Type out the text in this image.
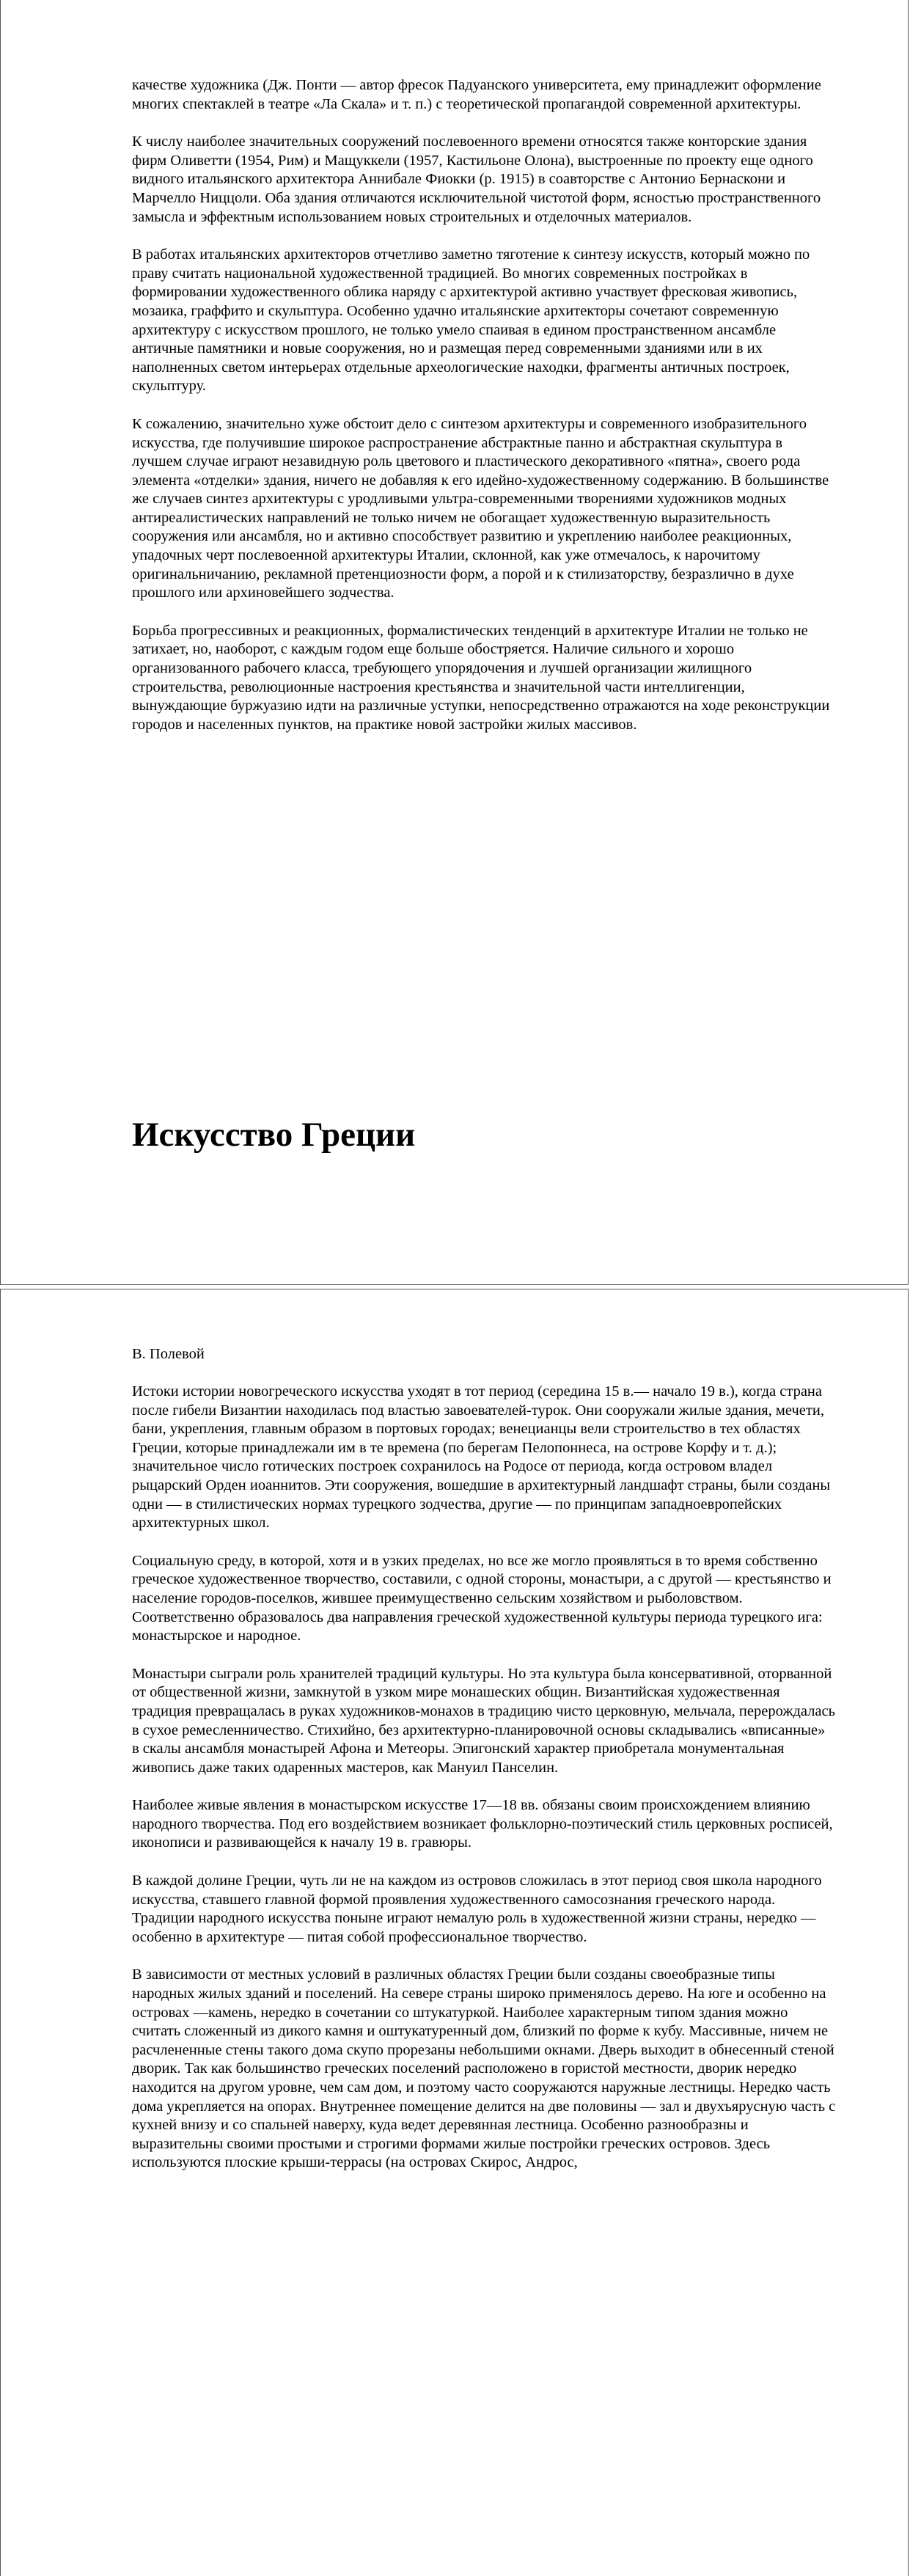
качестве художника (Дж. Понти — автор фресок Падуанского университета, ему принадлежит оформление многих спектаклей в театре «Ла Скала» и т. п.) с теоретической пропагандой современной архитектуры.

К числу наиболее значительных сооружений послевоенного времени относятся также конторские здания фирм Оливетти (1954, Рим) и Мащуккели (1957, Кастильоне Олона), выстроенные по проекту еще одного видного итальянского архитектора Аннибале Фиокки (р. 1915) в соавторстве с Антонио Бернаскони и Марчелло Ниццоли. Оба здания отличаются исключительной чистотой форм, ясностью пространственного замысла и эффектным использованием новых строительных и отделочных материалов.

В работах итальянских архитекторов отчетливо заметно тяготение к синтезу искусств, который можно по праву считать национальной художественной традицией. Во многих современных постройках в формировании художественного облика наряду с архитектурой активно участвует фресковая живопись, мозаика, граффито и скульптура. Особенно удачно итальянские архитекторы сочетают современную архитектуру с искусством прошлого, не только умело спаивая в едином пространственном ансамбле античные памятники и новые сооружения, но и размещая перед современными зданиями или в их наполненных светом интерьерах отдельные археологические находки, фрагменты античных построек, скульптуру.

К сожалению, значительно хуже обстоит дело с синтезом архитектуры и современного изобразительного искусства, где получившие широкое распространение абстрактные панно и абстрактная скульптура в лучшем случае играют незавидную роль цветового и пластического декоративного «пятна», своего рода элемента «отделки» здания, ничего не добавляя к его идейно-художественному содержанию. В большинстве же случаев синтез архитектуры с уродливыми ультра-современными творениями художников модных антиреалистических направлений не только ничем не обогащает художественную выразительность сооружения или ансамбля, но и активно способствует развитию и укреплению наиболее реакционных, упадочных черт послевоенной архитектуры Италии, склонной, как уже отмечалось, к нарочитому оригинальничанию, рекламной претенциозности форм, а порой и к стилизаторству, безразлично в духе прошлого или архиновейшего зодчества.

Борьба прогрессивных и реакционных, формалистических тенденций в архитектуре Италии не только не затихает, но, наоборот, с каждым годом еще больше обостряется. Наличие сильного и хорошо организованного рабочего класса, требующего упорядочения и лучшей организации жилищного строительства, революционные настроения крестьянства и значительной части интеллигенции, вынуждающие буржуазию идти на различные уступки, непосредственно отражаются на ходе реконструкции городов и населенных пунктов, на практике новой застройки жилых массивов.

Искусство Греции
В. Полевой

Истоки истории новогреческого искусства уходят в тот период (середина 15 в.— начало 19 в.), когда страна после гибели Византии находилась под властью завоевателей-турок. Они сооружали жилые здания, мечети, бани, укрепления, главным образом в портовых городах; венецианцы вели строительство в тех областях Греции, которые принадлежали им в те времена (по берегам Пелопоннеса, на острове Корфу и т. д.); значительное число готических построек сохранилось на Родосе от периода, когда островом владел рыцарский Орден иоаннитов. Эти сооружения, вошедшие в архитектурный ландшафт страны, были созданы одни — в стилистических нормах турецкого зодчества, другие — по принципам западноевропейских архитектурных школ.

Социальную среду, в которой, хотя и в узких пределах, но все же могло проявляться в то время собственно греческое художественное творчество, составили, с одной стороны, монастыри, а с другой — крестьянство и население городов-поселков, жившее преимущественно сельским хозяйством и рыболовством. Соответственно образовалось два направления греческой художественной культуры периода турецкого ига: монастырское и народное.

Монастыри сыграли роль хранителей традиций культуры. Но эта культура была консервативной, оторванной от общественной жизни, замкнутой в узком мире монашеских общин. Византийская художественная традиция превращалась в руках художников-монахов в традицию чисто церковную, мельчала, перерождалась в сухое ремесленничество. Стихийно, без архитектурно-планировочной основы складывались «вписанные» в скалы ансамбля монастырей Афона и Метеоры. Эпигонский характер приобретала монументальная живопись даже таких одаренных мастеров, как Мануил Панселин.

Наиболее живые явления в монастырском искусстве 17—18 вв. обязаны своим происхождением влиянию народного творчества. Под его воздействием возникает фольклорно-поэтический стиль церковных росписей, иконописи и развивающейся к началу 19 в. гравюры.

В каждой долине Греции, чуть ли не на каждом из островов сложилась в этот период своя школа народного искусства, ставшего главной формой проявления художественного самосознания греческого народа. Традиции народного искусства поныне играют немалую роль в художественной жизни страны, нередко — особенно в архитектуре — питая собой профессиональное творчество.

В зависимости от местных условий в различных областях Греции были созданы своеобразные типы народных жилых зданий и поселений. На севере страны широко применялось дерево. На юге и особенно на островах —камень, нередко в сочетании со штукатуркой. Наиболее характерным типом здания можно считать сложенный из дикого камня и оштукатуренный дом, близкий по форме к кубу. Массивные, ничем не расчлененные стены такого дома скупо прорезаны небольшими окнами. Дверь выходит в обнесенный стеной дворик. Так как большинство греческих поселений расположено в гористой местности, дворик нередко находится на другом уровне, чем сам дом, и поэтому часто сооружаются наружные лестницы. Нередко часть дома укрепляется на опорах. Внутреннее помещение делится на две половины — зал и двухъярусную часть с кухней внизу и со спальней наверху, куда ведет деревянная лестница. Особенно разнообразны и выразительны своими простыми и строгими формами жилые постройки греческих островов. Здесь используются плоские крыши-террасы (на островах Скирос, Андрос,
